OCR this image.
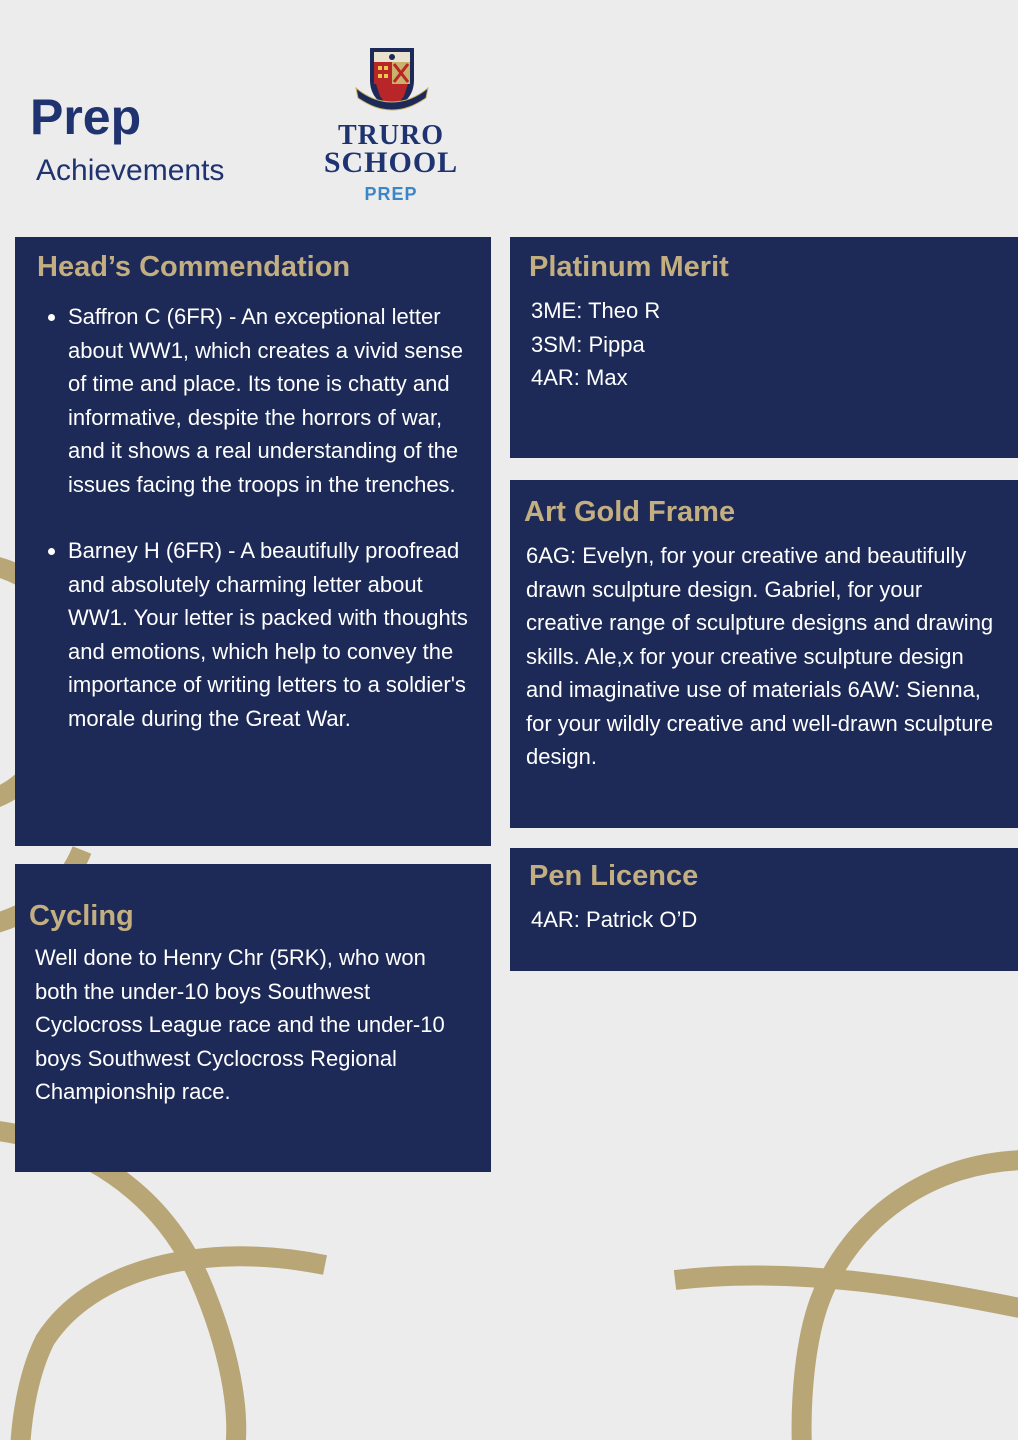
Prep
Achievements
TRURO
SCHOOL
PREP
Head’s Commendation
• Saffron C (6FR) - An exceptional letter about WW1, which creates a vivid sense of time and place. Its tone is chatty and informative, despite the horrors of war, and it shows a real understanding of the issues facing the troops in the trenches.
• Barney H (6FR) - A beautifully proofread and absolutely charming letter about WW1. Your letter is packed with thoughts and emotions, which help to convey the importance of writing letters to a soldier's morale during the Great War.
Cycling
Well done to Henry Chr (5RK), who won both the under-10 boys Southwest Cyclocross League race and the under-10 boys Southwest Cyclocross Regional Championship race.
Platinum Merit
3ME: Theo R
3SM: Pippa
4AR: Max
Art Gold Frame
6AG: Evelyn, for your creative and beautifully drawn sculpture design. Gabriel, for your creative range of sculpture designs and drawing skills. Ale,x for your creative sculpture design and imaginative use of materials 6AW: Sienna, for your wildly creative and well-drawn sculpture design.
Pen Licence
4AR: Patrick O’D
